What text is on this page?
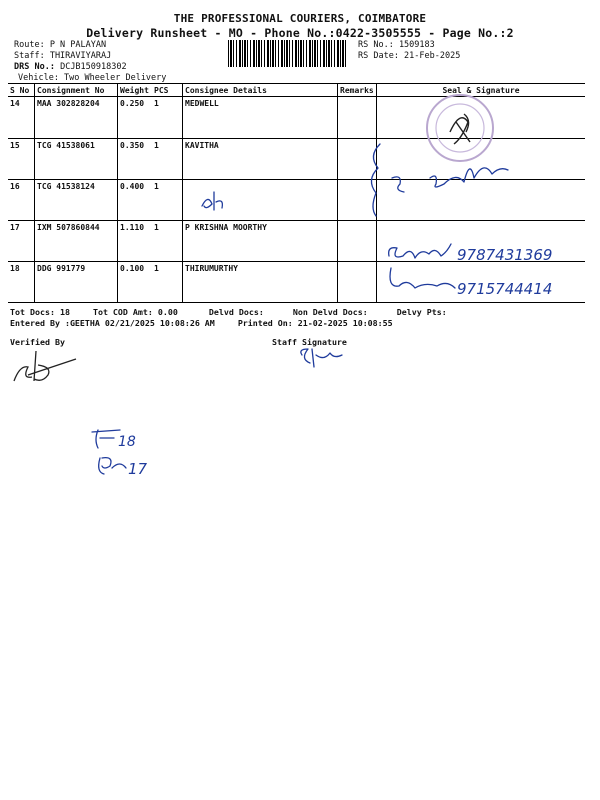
THE PROFESSIONAL COURIERS, COIMBATORE
Delivery Runsheet - MO - Phone No.:0422-3505555 - Page No.:2
Route: P N PALAYAN
Staff: THIRAVIYARAJ
DRS No.: DCJB150918302
Vehicle: Two Wheeler Delivery
RS No.: 1509183
RS Date: 21-Feb-2025
S No	Consignment No	Weight	PCS	Consignee Details	Remarks	Seal & Signature
14	MAA 302828204	0.250	1	MEDWELL		
15	TCG 41538061	0.350	1	KAVITHA		
16	TCG 41538124	0.400	1			
17	IXM 507860844	1.110	1	P KRISHNA MOORTHY		
18	DDG 991779	0.100	1	THIRUMURTHY		
Tot Docs: 18	Tot COD Amt: 0.00	Delvd Docs:	Non Delvd Docs:	Delvy Pts:
Entered By :GEETHA 02/21/2025 10:08:26 AM	Printed On: 21-02-2025 10:08:55
Verified By	Staff Signature
9787431369
9715744414
18
17
